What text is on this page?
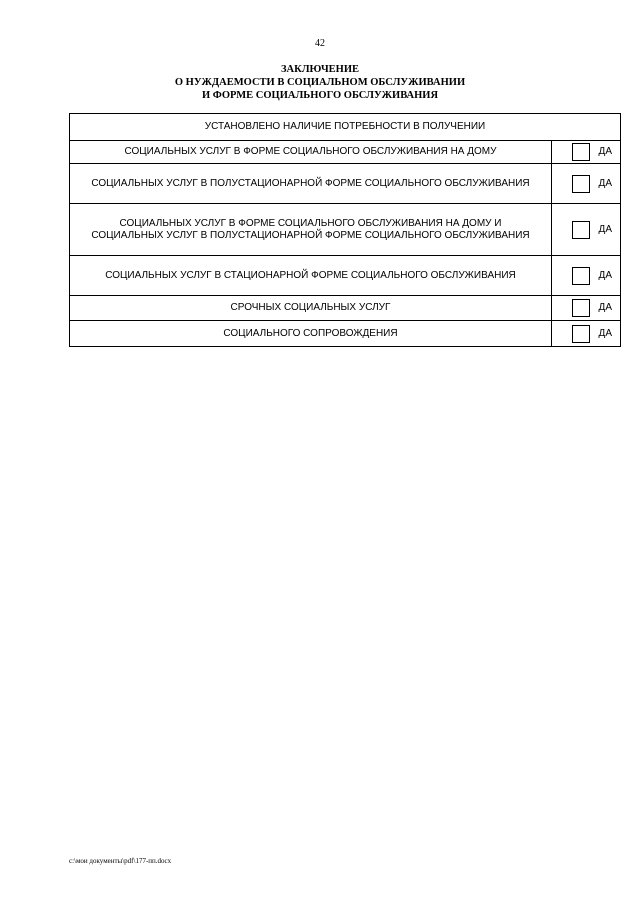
42
ЗАКЛЮЧЕНИЕ
О НУЖДАЕМОСТИ В СОЦИАЛЬНОМ ОБСЛУЖИВАНИИ
И ФОРМЕ СОЦИАЛЬНОГО ОБСЛУЖИВАНИЯ
УСТАНОВЛЕНО НАЛИЧИЕ ПОТРЕБНОСТИ В ПОЛУЧЕНИИ	
СОЦИАЛЬНЫХ УСЛУГ В ФОРМЕ СОЦИАЛЬНОГО ОБСЛУЖИВАНИЯ НА ДОМУ	ДА

СОЦИАЛЬНЫХ УСЛУГ В ПОЛУСТАЦИОНАРНОЙ ФОРМЕ СОЦИАЛЬНОГО ОБСЛУЖИВАНИЯ	ДА

СОЦИАЛЬНЫХ УСЛУГ В ФОРМЕ СОЦИАЛЬНОГО ОБСЛУЖИВАНИЯ НА ДОМУ И СОЦИАЛЬНЫХ УСЛУГ В ПОЛУСТАЦИОНАРНОЙ ФОРМЕ СОЦИАЛЬНОГО ОБСЛУЖИВАНИЯ	ДА

СОЦИАЛЬНЫХ УСЛУГ В СТАЦИОНАРНОЙ ФОРМЕ СОЦИАЛЬНОГО ОБСЛУЖИВАНИЯ	ДА

СРОЧНЫХ СОЦИАЛЬНЫХ УСЛУГ	ДА

СОЦИАЛЬНОГО СОПРОВОЖДЕНИЯ	ДА
c:\мои документы\pdf\177-пп.docx
